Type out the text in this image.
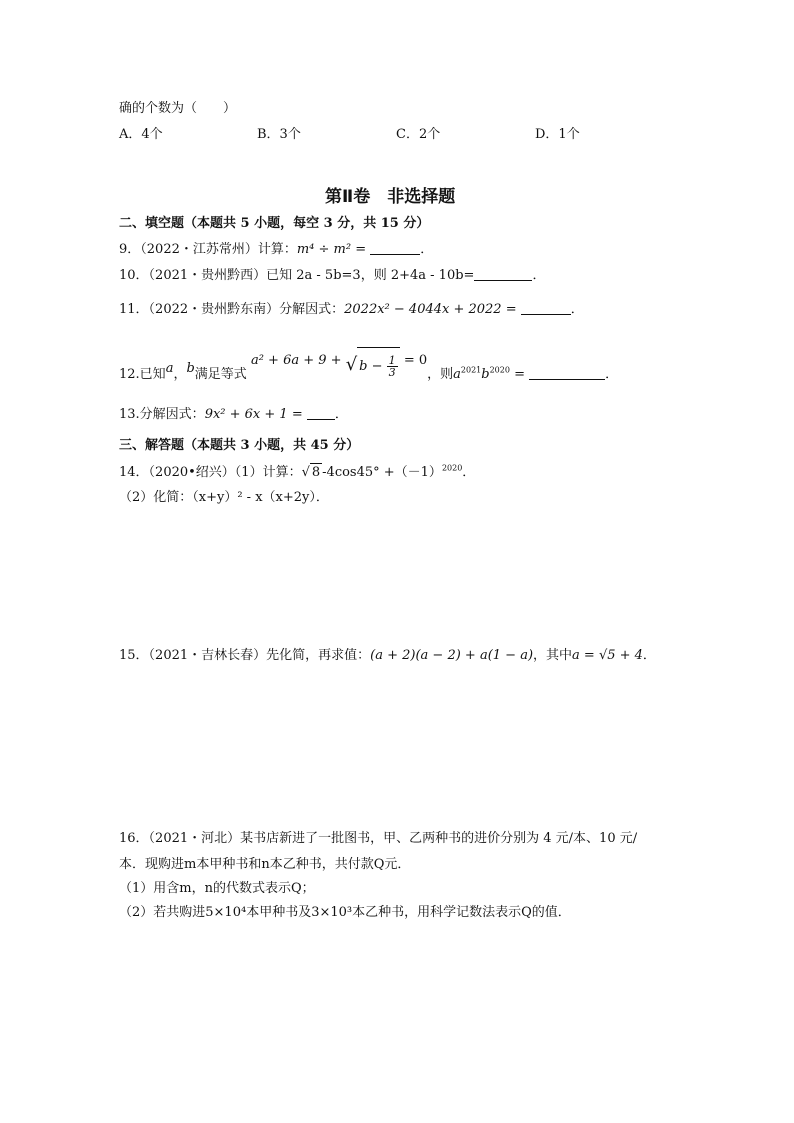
确的个数为（　　）
A．4个	B．3个	C．2个	D．1个
第Ⅱ卷　非选择题
二、填空题（本题共 5 小题，每空 3 分，共 15 分）
9．（2022・江苏常州）计算：m⁴ ÷ m² =	．
10．（2021・贵州黔西）已知 2a - 5b=3，则 2+4a - 10b=	．
11．（2022・贵州黔东南）分解因式：2022x² − 4044x + 2022 =	．
12.已知a，b满足等式 a² + 6a + 9 + √ $b - \frac{1}{3} = 0$，则$a^{2021}b^{2020}$ =	．
13.分解因式：9x² + 6x + 1 = ．
三、解答题（本题共 3 小题，共 45 分）
14．（2020•绍兴）（1）计算：√ 8 $-4\cos 45^\circ +(-1)^{2020}$．
（2）化简：（x+y）² - x（x+2y）．
15．（2021・吉林长春）先化简，再求值：(a + 2)(a − 2) + a(1 − a)，其中a = √5 + 4．
16．（2021・河北）某书店新进了一批图书，甲、乙两种书的进价分别为 4 元/本、10 元/
本．现购进m本甲种书和n本乙种书，共付款Q元．
（1）用含m，n的代数式表示Q；
（2）若共购进5×10⁴本甲种书及3×10³本乙种书，用科学记数法表示Q的值．
